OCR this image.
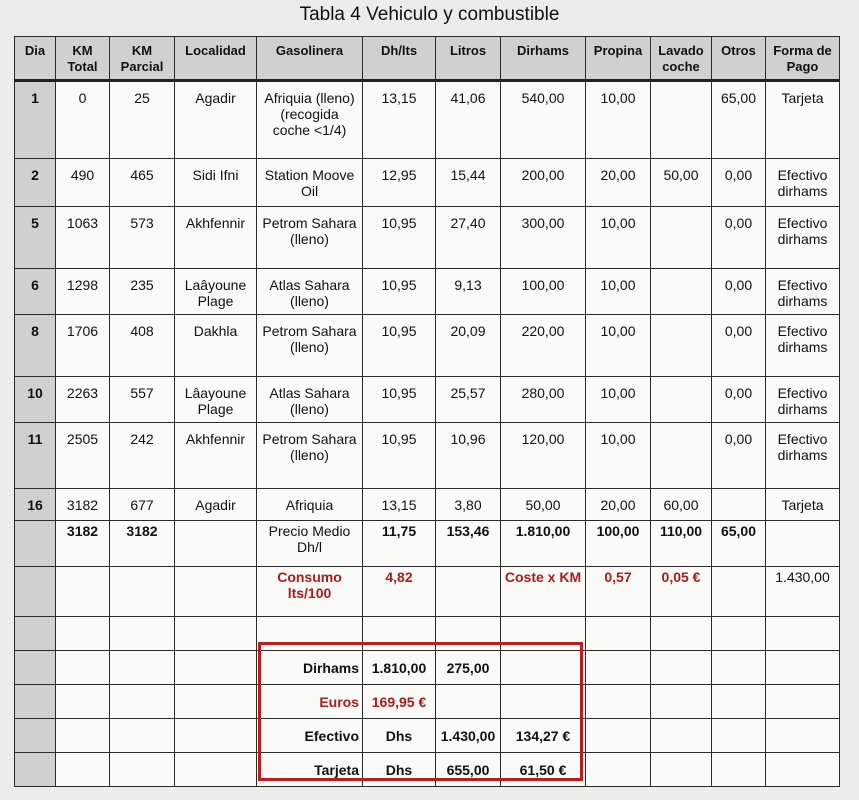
Tabla 4 Vehiculo y combustible
Dia	KM Total	KM Parcial	Localidad	Gasolinera	Dh/lts	Litros	Dirhams	Propina	Lavado coche	Otros	Forma de Pago
1	0	25	Agadir	Afriquia (lleno) (recogida coche <1/4)	13,15	41,06	540,00	10,00		65,00	Tarjeta
2	490	465	Sidi Ifni	Station Moove Oil	12,95	15,44	200,00	20,00	50,00	0,00	Efectivo dirhams
5	1063	573	Akhfennir	Petrom Sahara (lleno)	10,95	27,40	300,00	10,00		0,00	Efectivo dirhams
6	1298	235	Laâyoune Plage	Atlas Sahara (lleno)	10,95	9,13	100,00	10,00		0,00	Efectivo dirhams
8	1706	408	Dakhla	Petrom Sahara (lleno)	10,95	20,09	220,00	10,00		0,00	Efectivo dirhams
10	2263	557	Lâayoune Plage	Atlas Sahara (lleno)	10,95	25,57	280,00	10,00		0,00	Efectivo dirhams
11	2505	242	Akhfennir	Petrom Sahara (lleno)	10,95	10,96	120,00	10,00		0,00	Efectivo dirhams
16	3182	677	Agadir	Afriquia	13,15	3,80	50,00	20,00	60,00		Tarjeta
	3182	3182		Precio Medio Dh/l	11,75	153,46	1.810,00	100,00	110,00	65,00	
				Consumo lts/100	4,82		Coste x KM	0,57	0,05 €		1.430,00

				Dirhams	1.810,00	275,00					
				Euros	169,95 €						
				Efectivo	Dhs	1.430,00	134,27 €				
				Tarjeta	Dhs	655,00	61,50 €				
